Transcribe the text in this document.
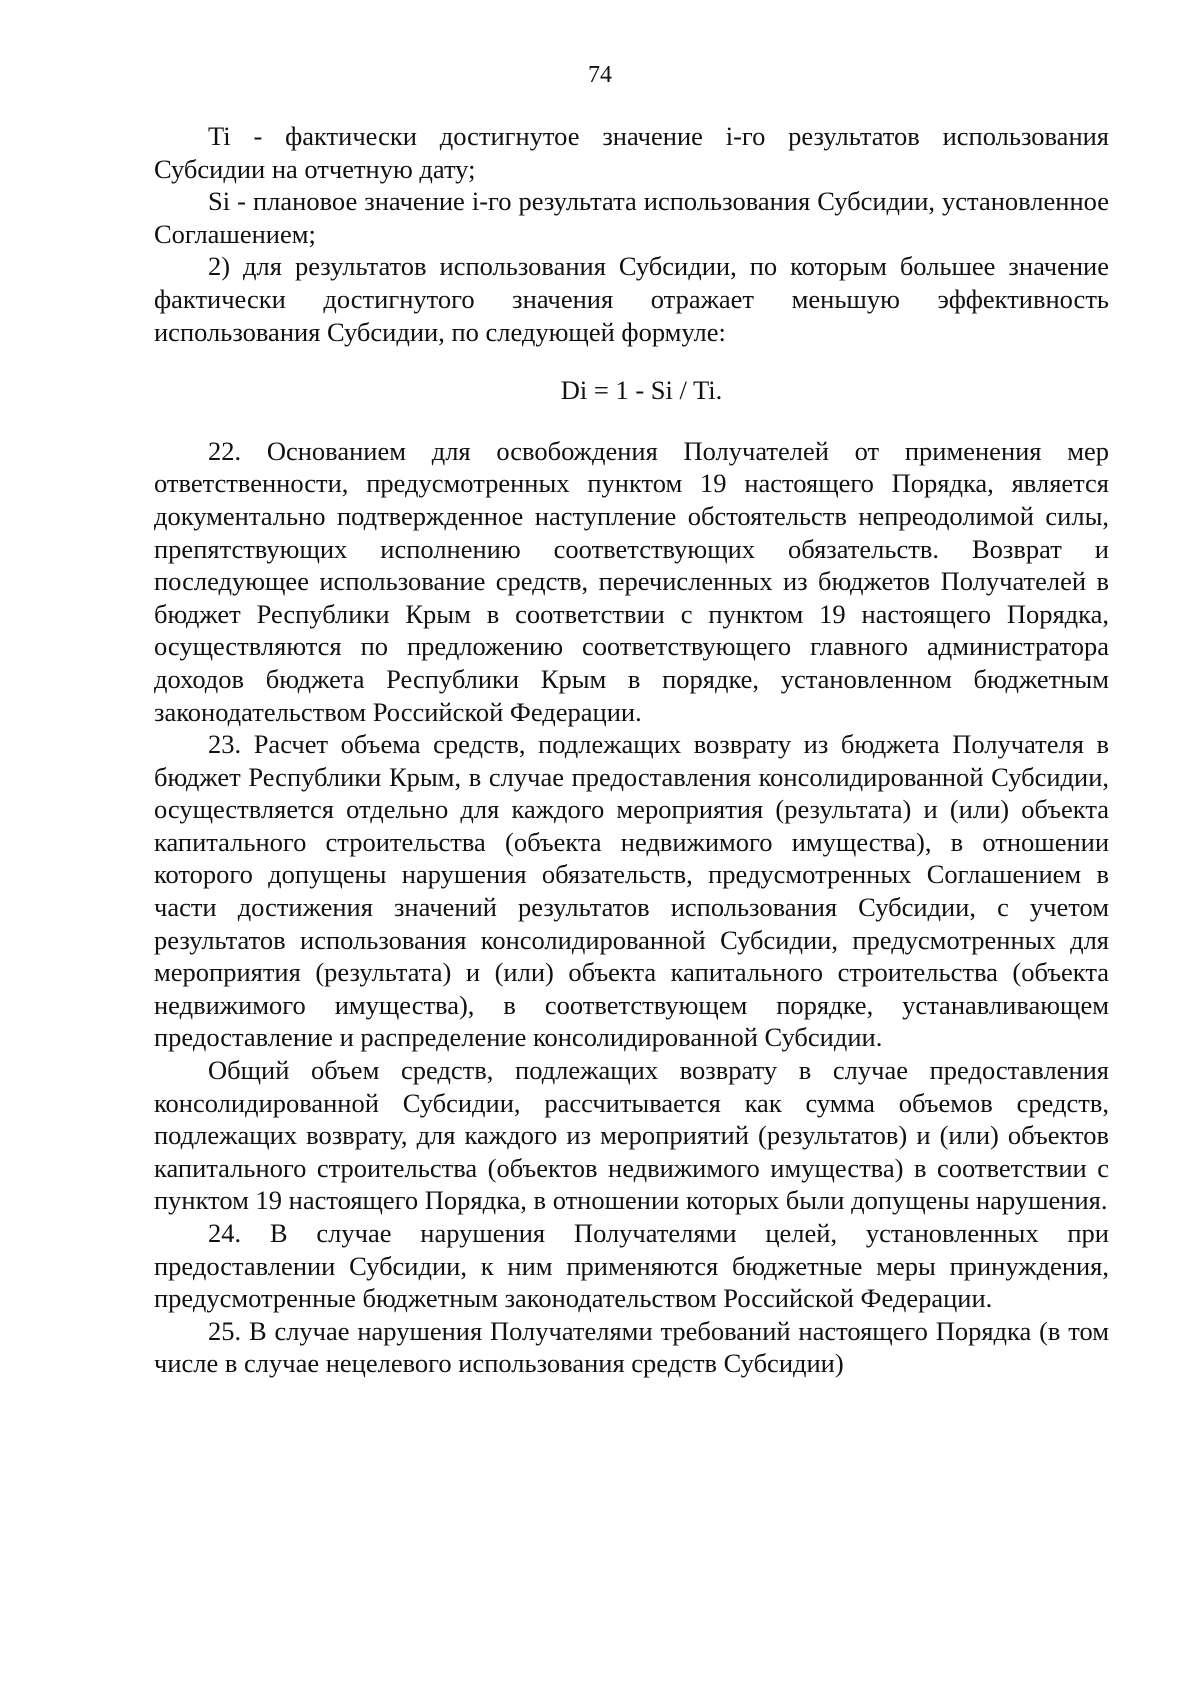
74

Ti - фактически достигнутое значение i-го результатов использования Субсидии на отчетную дату;

Si - плановое значение i-го результата использования Субсидии, установленное Соглашением;

2) для результатов использования Субсидии, по которым большее значение фактически достигнутого значения отражает меньшую эффективность использования Субсидии, по следующей формуле:

Di = 1 - Si / Ti.

22. Основанием для освобождения Получателей от применения мер ответственности, предусмотренных пунктом 19 настоящего Порядка, является документально подтвержденное наступление обстоятельств непреодолимой силы, препятствующих исполнению соответствующих обязательств. Возврат и последующее использование средств, перечисленных из бюджетов Получателей в бюджет Республики Крым в соответствии с пунктом 19 настоящего Порядка, осуществляются по предложению соответствующего главного администратора доходов бюджета Республики Крым в порядке, установленном бюджетным законодательством Российской Федерации.

23. Расчет объема средств, подлежащих возврату из бюджета Получателя в бюджет Республики Крым, в случае предоставления консолидированной Субсидии, осуществляется отдельно для каждого мероприятия (результата) и (или) объекта капитального строительства (объекта недвижимого имущества), в отношении которого допущены нарушения обязательств, предусмотренных Соглашением в части достижения значений результатов использования Субсидии, с учетом результатов использования консолидированной Субсидии, предусмотренных для мероприятия (результата) и (или) объекта капитального строительства (объекта недвижимого имущества), в соответствующем порядке, устанавливающем предоставление и распределение консолидированной Субсидии.

Общий объем средств, подлежащих возврату в случае предоставления консолидированной Субсидии, рассчитывается как сумма объемов средств, подлежащих возврату, для каждого из мероприятий (результатов) и (или) объектов капитального строительства (объектов недвижимого имущества) в соответствии с пунктом 19 настоящего Порядка, в отношении которых были допущены нарушения.

24. В случае нарушения Получателями целей, установленных при предоставлении Субсидии, к ним применяются бюджетные меры принуждения, предусмотренные бюджетным законодательством Российской Федерации.

25. В случае нарушения Получателями требований настоящего Порядка (в том числе в случае нецелевого использования средств Субсидии)
